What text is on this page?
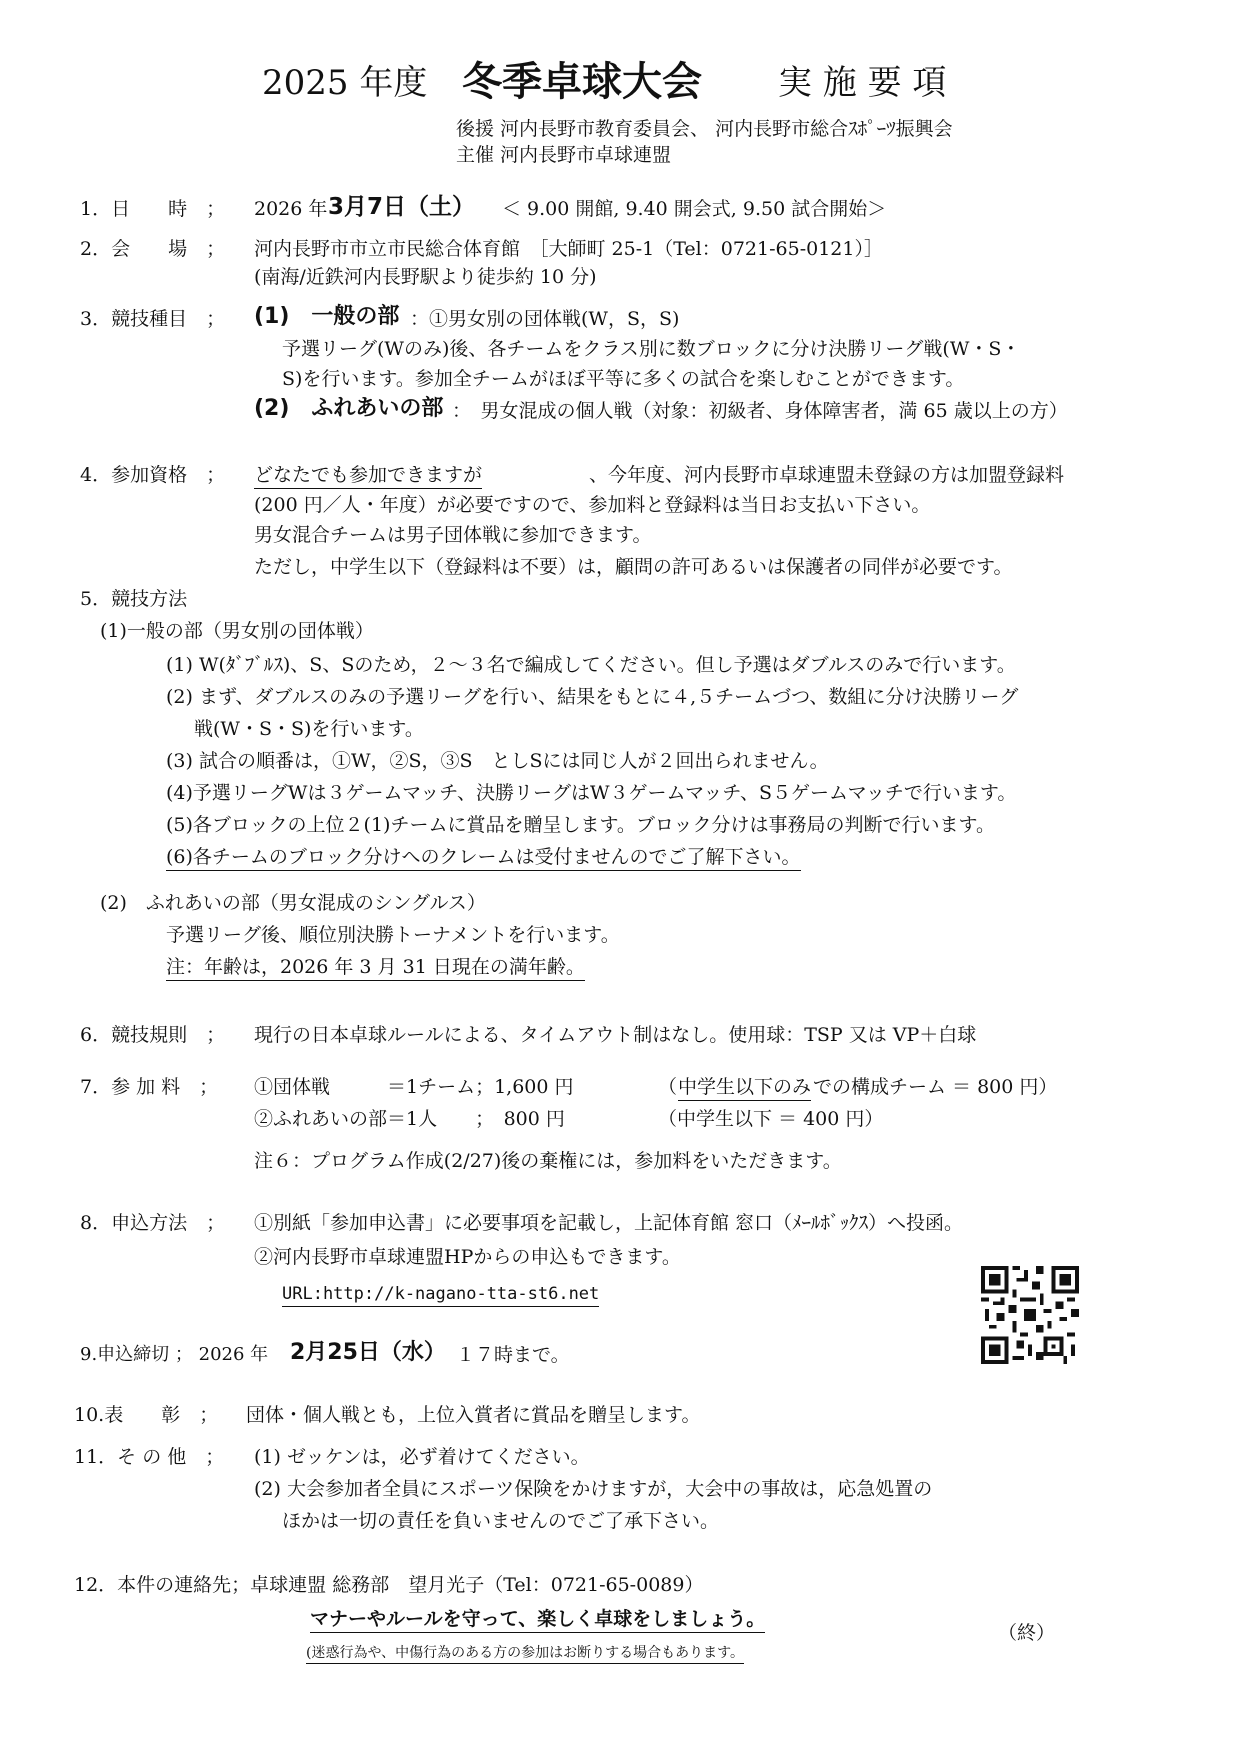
2025 年度 冬季卓球大会 実 施 要 項
後援 河内長野市教育委員会、 河内長野市総合ｽﾎﾟｰﾂ振興会
主催 河内長野市卓球連盟
1．日　　時　； 2026 年 3月7日（土） ＜ 9.00 開館, 9.40 開会式, 9.50 試合開始＞
2．会　　場　； 河内長野市市立市民総合体育館　［大師町 25-1（Tel：0721-65-0121）］
(南海/近鉄河内長野駅より徒歩約 10 分)
3．競技種目　； (1)　一般の部 ：①男女別の団体戦(W，S，S)
予選リーグ(Wのみ)後、各チームをクラス別に数ブロックに分け決勝リーグ戦(W・S・
S)を行います。参加全チームがほぼ平等に多くの試合を楽しむことができます。
(2)　ふれあいの部 ：　男女混成の個人戦（対象：初級者、身体障害者，満 65 歳以上の方）
4．参加資格　； どなたでも参加できますが	、今年度、河内長野市卓球連盟未登録の方は加盟登録料
(200 円／人・年度）が必要ですので、参加料と登録料は当日お支払い下さい。
男女混合チームは男子団体戦に参加できます。
ただし，中学生以下（登録料は不要）は，顧問の許可あるいは保護者の同伴が必要です。
5．競技方法
(1)一般の部（男女別の団体戦）
(1) W(ﾀﾞﾌﾞﾙｽ)、S、Sのため，２～３名で編成してください。但し予選はダブルスのみで行います。
(2) まず、ダブルスのみの予選リーグを行い、結果をもとに４,５チームづつ、数組に分け決勝リーグ
戦(W・S・S)を行います。
(3) 試合の順番は，①W，②S，③S　としSには同じ人が２回出られません。
(4)予選リーグWは３ゲームマッチ、決勝リーグはW３ゲームマッチ、S５ゲームマッチで行います。
(5)各ブロックの上位２(1)チームに賞品を贈呈します。ブロック分けは事務局の判断で行います。
(6)各チームのブロック分けへのクレームは受付ませんのでご了解下さい。
(2)　ふれあいの部（男女混成のシングルス）
予選リーグ後、順位別決勝トーナメントを行います。
注：年齢は，2026 年 3 月 31 日現在の満年齢。
6．競技規則　； 現行の日本卓球ルールによる、タイムアウト制はなし。使用球：TSP 又は VP＋白球
7．参 加 料　； ①団体戦　　　＝1チーム；1,600 円	（ 中学生以下のみ での構成チーム ＝ 800 円）
②ふれあいの部＝1人　　；　800 円	（中学生以下 ＝ 400 円）
注６：プログラム作成(2/27)後の棄権には，参加料をいただきます。
8．申込方法　； ①別紙「参加申込書」に必要事項を記載し，上記体育館 窓口（ﾒｰﾙﾎﾞｯｸｽ）へ投函。
②河内長野市卓球連盟HPからの申込もできます。
URL:http://k-nagano-tta-st6.net
9.申込締切 ； 2026 年 2月25日（水） １７時まで。
10.表　　彰　； 団体・個人戦とも，上位入賞者に賞品を贈呈します。
11．そ の 他　； (1) ゼッケンは，必ず着けてください。
(2) 大会参加者全員にスポーツ保険をかけますが，大会中の事故は，応急処置の
ほかは一切の責任を負いませんのでご了承下さい。
12．本件の連絡先；卓球連盟 総務部　望月光子（Tel：0721-65-0089）
マナーやルールを守って、楽しく卓球をしましょう。
(迷惑行為や、中傷行為のある方の参加はお断りする場合もあります。
（終）
